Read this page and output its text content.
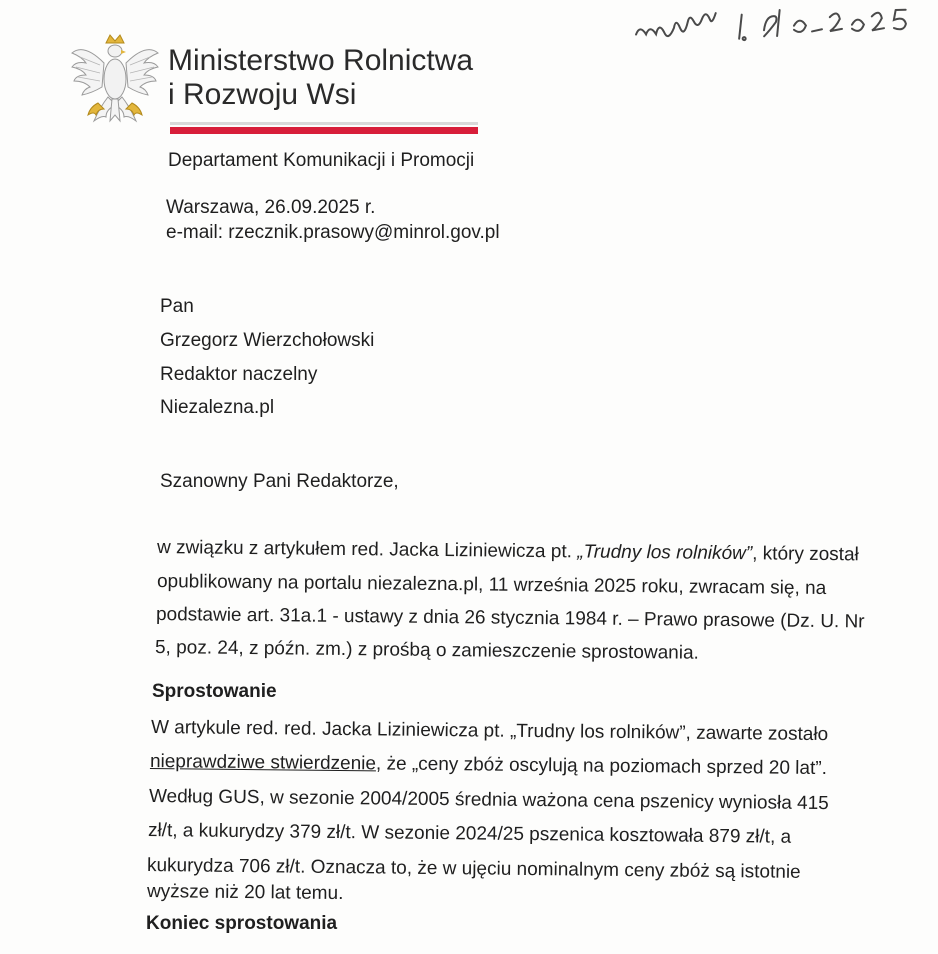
Ministerstwo Rolnictwa
i Rozwoju Wsi
Departament Komunikacji i Promocji
Warszawa, 26.09.2025 r.
e-mail: rzecznik.prasowy@minrol.gov.pl
Pan
Grzegorz Wierzchołowski
Redaktor naczelny
Niezalezna.pl
Szanowny Pani Redaktorze,
w związku z artykułem red. Jacka Liziniewicza pt. „Trudny los rolników”, który został
opublikowany na portalu niezalezna.pl, 11 września 2025 roku, zwracam się, na
podstawie art. 31a.1 - ustawy z dnia 26 stycznia 1984 r. – Prawo prasowe (Dz. U. Nr
5, poz. 24, z późn. zm.) z prośbą o zamieszczenie sprostowania.
Sprostowanie
W artykule red. red. Jacka Liziniewicza pt. „Trudny los rolników”, zawarte zostało
nieprawdziwe stwierdzenie, że „ceny zbóż oscylują na poziomach sprzed 20 lat”.
Według GUS, w sezonie 2004/2005 średnia ważona cena pszenicy wyniosła 415
zł/t, a kukurydzy 379 zł/t. W sezonie 2024/25 pszenica kosztowała 879 zł/t, a
kukurydza 706 zł/t. Oznacza to, że w ujęciu nominalnym ceny zbóż są istotnie
wyższe niż 20 lat temu.
Koniec sprostowania
